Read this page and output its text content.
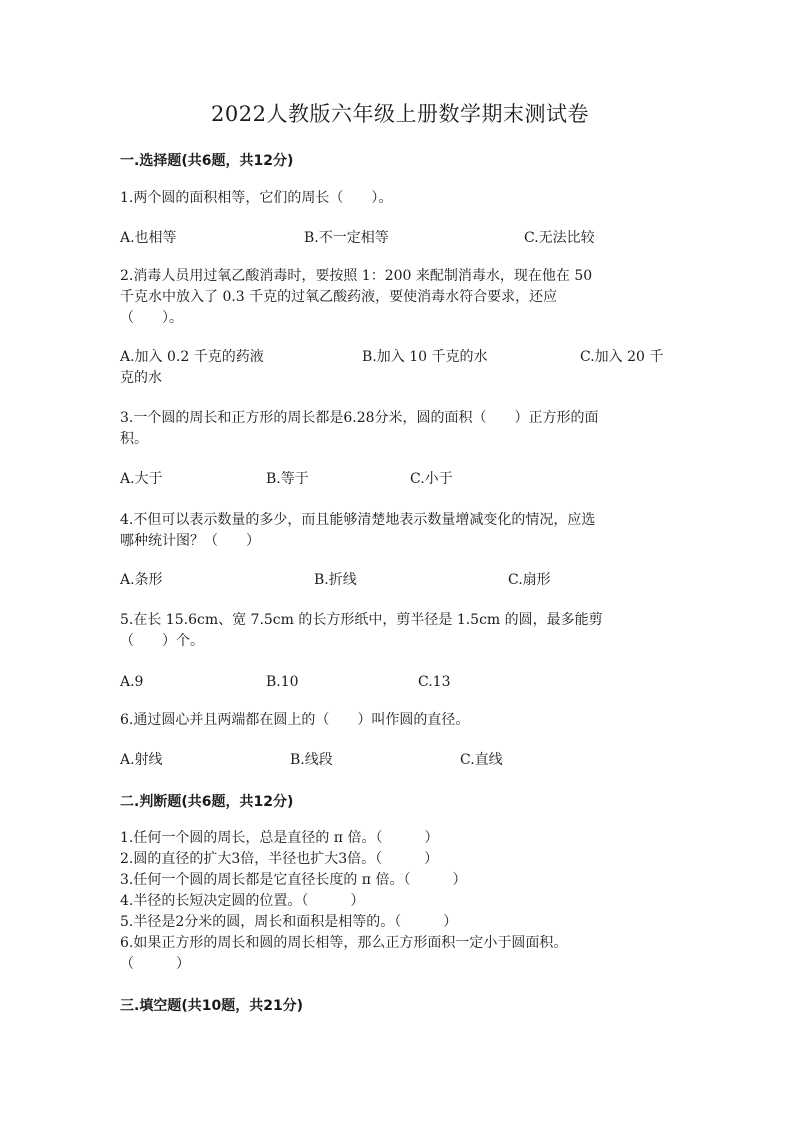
2022人教版六年级上册数学期末测试卷
一.选择题(共6题，共12分)
1.两个圆的面积相等，它们的周长（　　）。
A.也相等	B.不一定相等	C.无法比较
2.消毒人员用过氧乙酸消毒时，要按照 1：200 来配制消毒水，现在他在 50
千克水中放入了 0.3 千克的过氧乙酸药液，要使消毒水符合要求，还应
（　　）。
A.加入 0.2 千克的药液	B.加入 10 千克的水	C.加入 20 千
克的水
3.一个圆的周长和正方形的周长都是6.28分米，圆的面积（　　）正方形的面
积。
A.大于	B.等于	C.小于
4.不但可以表示数量的多少，而且能够清楚地表示数量增减变化的情况，应选
哪种统计图？（　　）
A.条形	B.折线	C.扇形
5.在长 15.6cm、宽 7.5cm 的长方形纸中，剪半径是 1.5cm 的圆，最多能剪
（　　）个。
A.9	B.10	C.13
6.通过圆心并且两端都在圆上的（　　）叫作圆的直径。
A.射线	B.线段	C.直线
二.判断题(共6题，共12分)
1.任何一个圆的周长，总是直径的 π 倍。（　　　）
2.圆的直径的扩大3倍，半径也扩大3倍。（　　　）
3.任何一个圆的周长都是它直径长度的 π 倍。（　　　）
4.半径的长短决定圆的位置。（　　　）
5.半径是2分米的圆，周长和面积是相等的。（　　　）
6.如果正方形的周长和圆的周长相等，那么正方形面积一定小于圆面积。
（　　　）
三.填空题(共10题，共21分)
